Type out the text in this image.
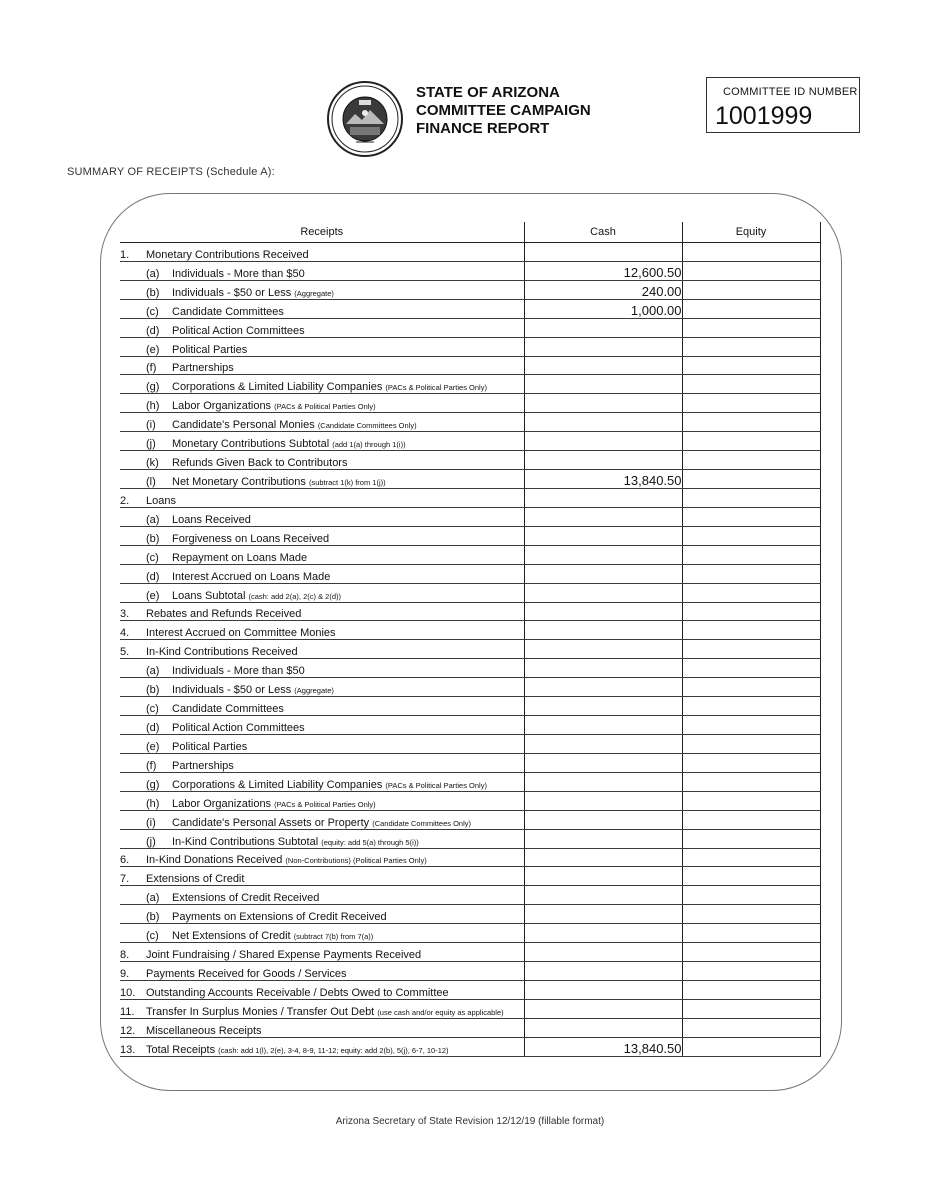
STATE OF ARIZONA
COMMITTEE CAMPAIGN
FINANCE REPORT
COMMITTEE ID NUMBER
1001999
SUMMARY OF RECEIPTS (Schedule A):
Receipts		Cash	Equity
1.	Monetary Contributions Received		
	(a) Individuals - More than $50	12,600.50	
	(b) Individuals - $50 or Less (Aggregate)	240.00	
	(c) Candidate Committees	1,000.00	
	(d) Political Action Committees		
	(e) Political Parties		
	(f) Partnerships		
	(g) Corporations & Limited Liability Companies (PACs & Political Parties Only)		
	(h) Labor Organizations (PACs & Political Parties Only)		
	(i) Candidate's Personal Monies (Candidate Committees Only)		
	(j) Monetary Contributions Subtotal (add 1(a) through 1(i))		
	(k) Refunds Given Back to Contributors		
	(l) Net Monetary Contributions (subtract 1(k) from 1(j))	13,840.50	
2.	Loans		
	(a) Loans Received		
	(b) Forgiveness on Loans Received		
	(c) Repayment on Loans Made		
	(d) Interest Accrued on Loans Made		
	(e) Loans Subtotal (cash: add 2(a), 2(c) & 2(d))		
3.	Rebates and Refunds Received		
4.	Interest Accrued on Committee Monies		
5.	In-Kind Contributions Received		
	(a) Individuals - More than $50		
	(b) Individuals - $50 or Less (Aggregate)		
	(c) Candidate Committees		
	(d) Political Action Committees		
	(e) Political Parties		
	(f) Partnerships		
	(g) Corporations & Limited Liability Companies (PACs & Political Parties Only)		
	(h) Labor Organizations (PACs & Political Parties Only)		
	(i) Candidate's Personal Assets or Property (Candidate Committees Only)		
	(j) In-Kind Contributions Subtotal (equity: add 5(a) through 5(i))		
6.	In-Kind Donations Received (Non-Contributions) (Political Parties Only)		
7.	Extensions of Credit		
	(a) Extensions of Credit Received		
	(b) Payments on Extensions of Credit Received		
	(c) Net Extensions of Credit (subtract 7(b) from 7(a))		
8.	Joint Fundraising / Shared Expense Payments Received		
9.	Payments Received for Goods / Services		
10.	Outstanding Accounts Receivable / Debts Owed to Committee		
11.	Transfer In Surplus Monies / Transfer Out Debt (use cash and/or equity as applicable)		
12.	Miscellaneous Receipts		
13.	Total Receipts (cash: add 1(l), 2(e), 3-4, 8-9, 11-12; equity: add 2(b), 5(j), 6-7, 10-12)	13,840.50	
Arizona Secretary of State Revision 12/12/19 (fillable format)
